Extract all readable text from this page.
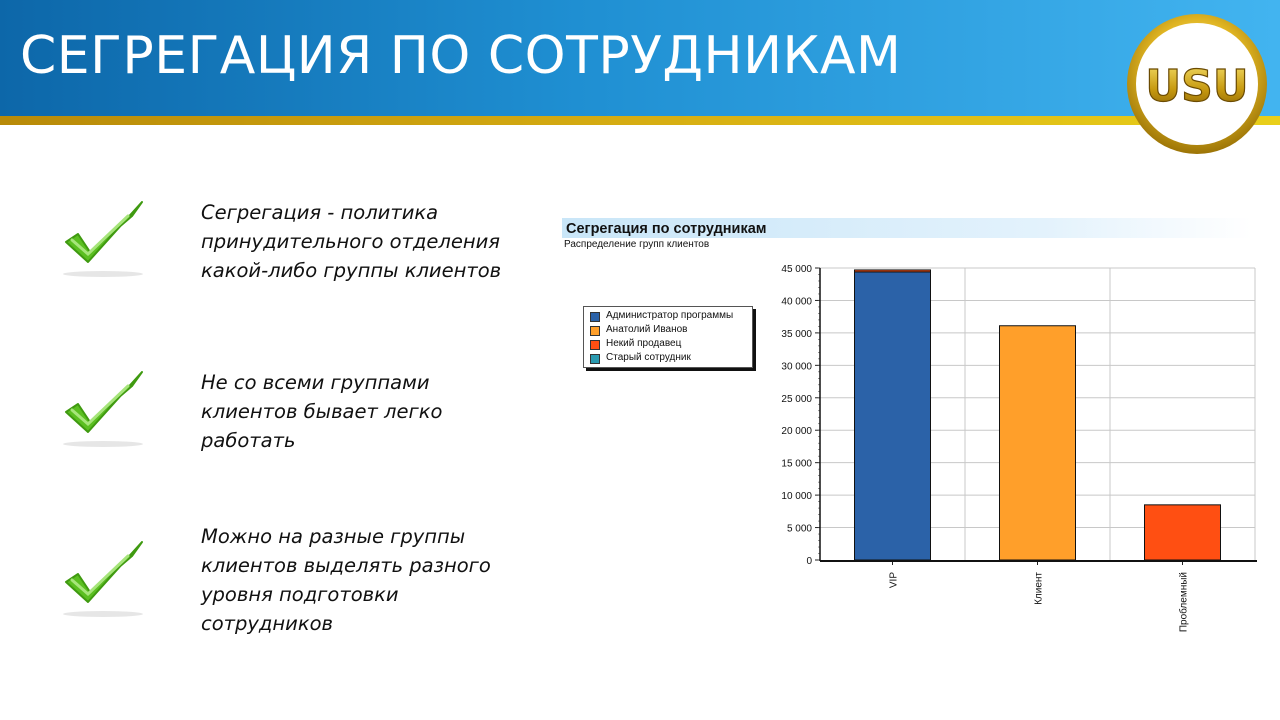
СЕГРЕГАЦИЯ ПО СОТРУДНИКАМ
USU

Сегрегация - политика принудительного отделения какой-либо группы клиентов

Не со всеми группами клиентов бывает легко работать

Можно на разные группы клиентов выделять разного уровня подготовки сотрудников

Сегрегация по сотрудникам
Распределение групп клиентов
Администратор программы
Анатолий Иванов
Некий продавец
Старый сотрудник
0
5 000
10 000
15 000
20 000
25 000
30 000
35 000
40 000
45 000
VIP	Клиент	Проблемный
